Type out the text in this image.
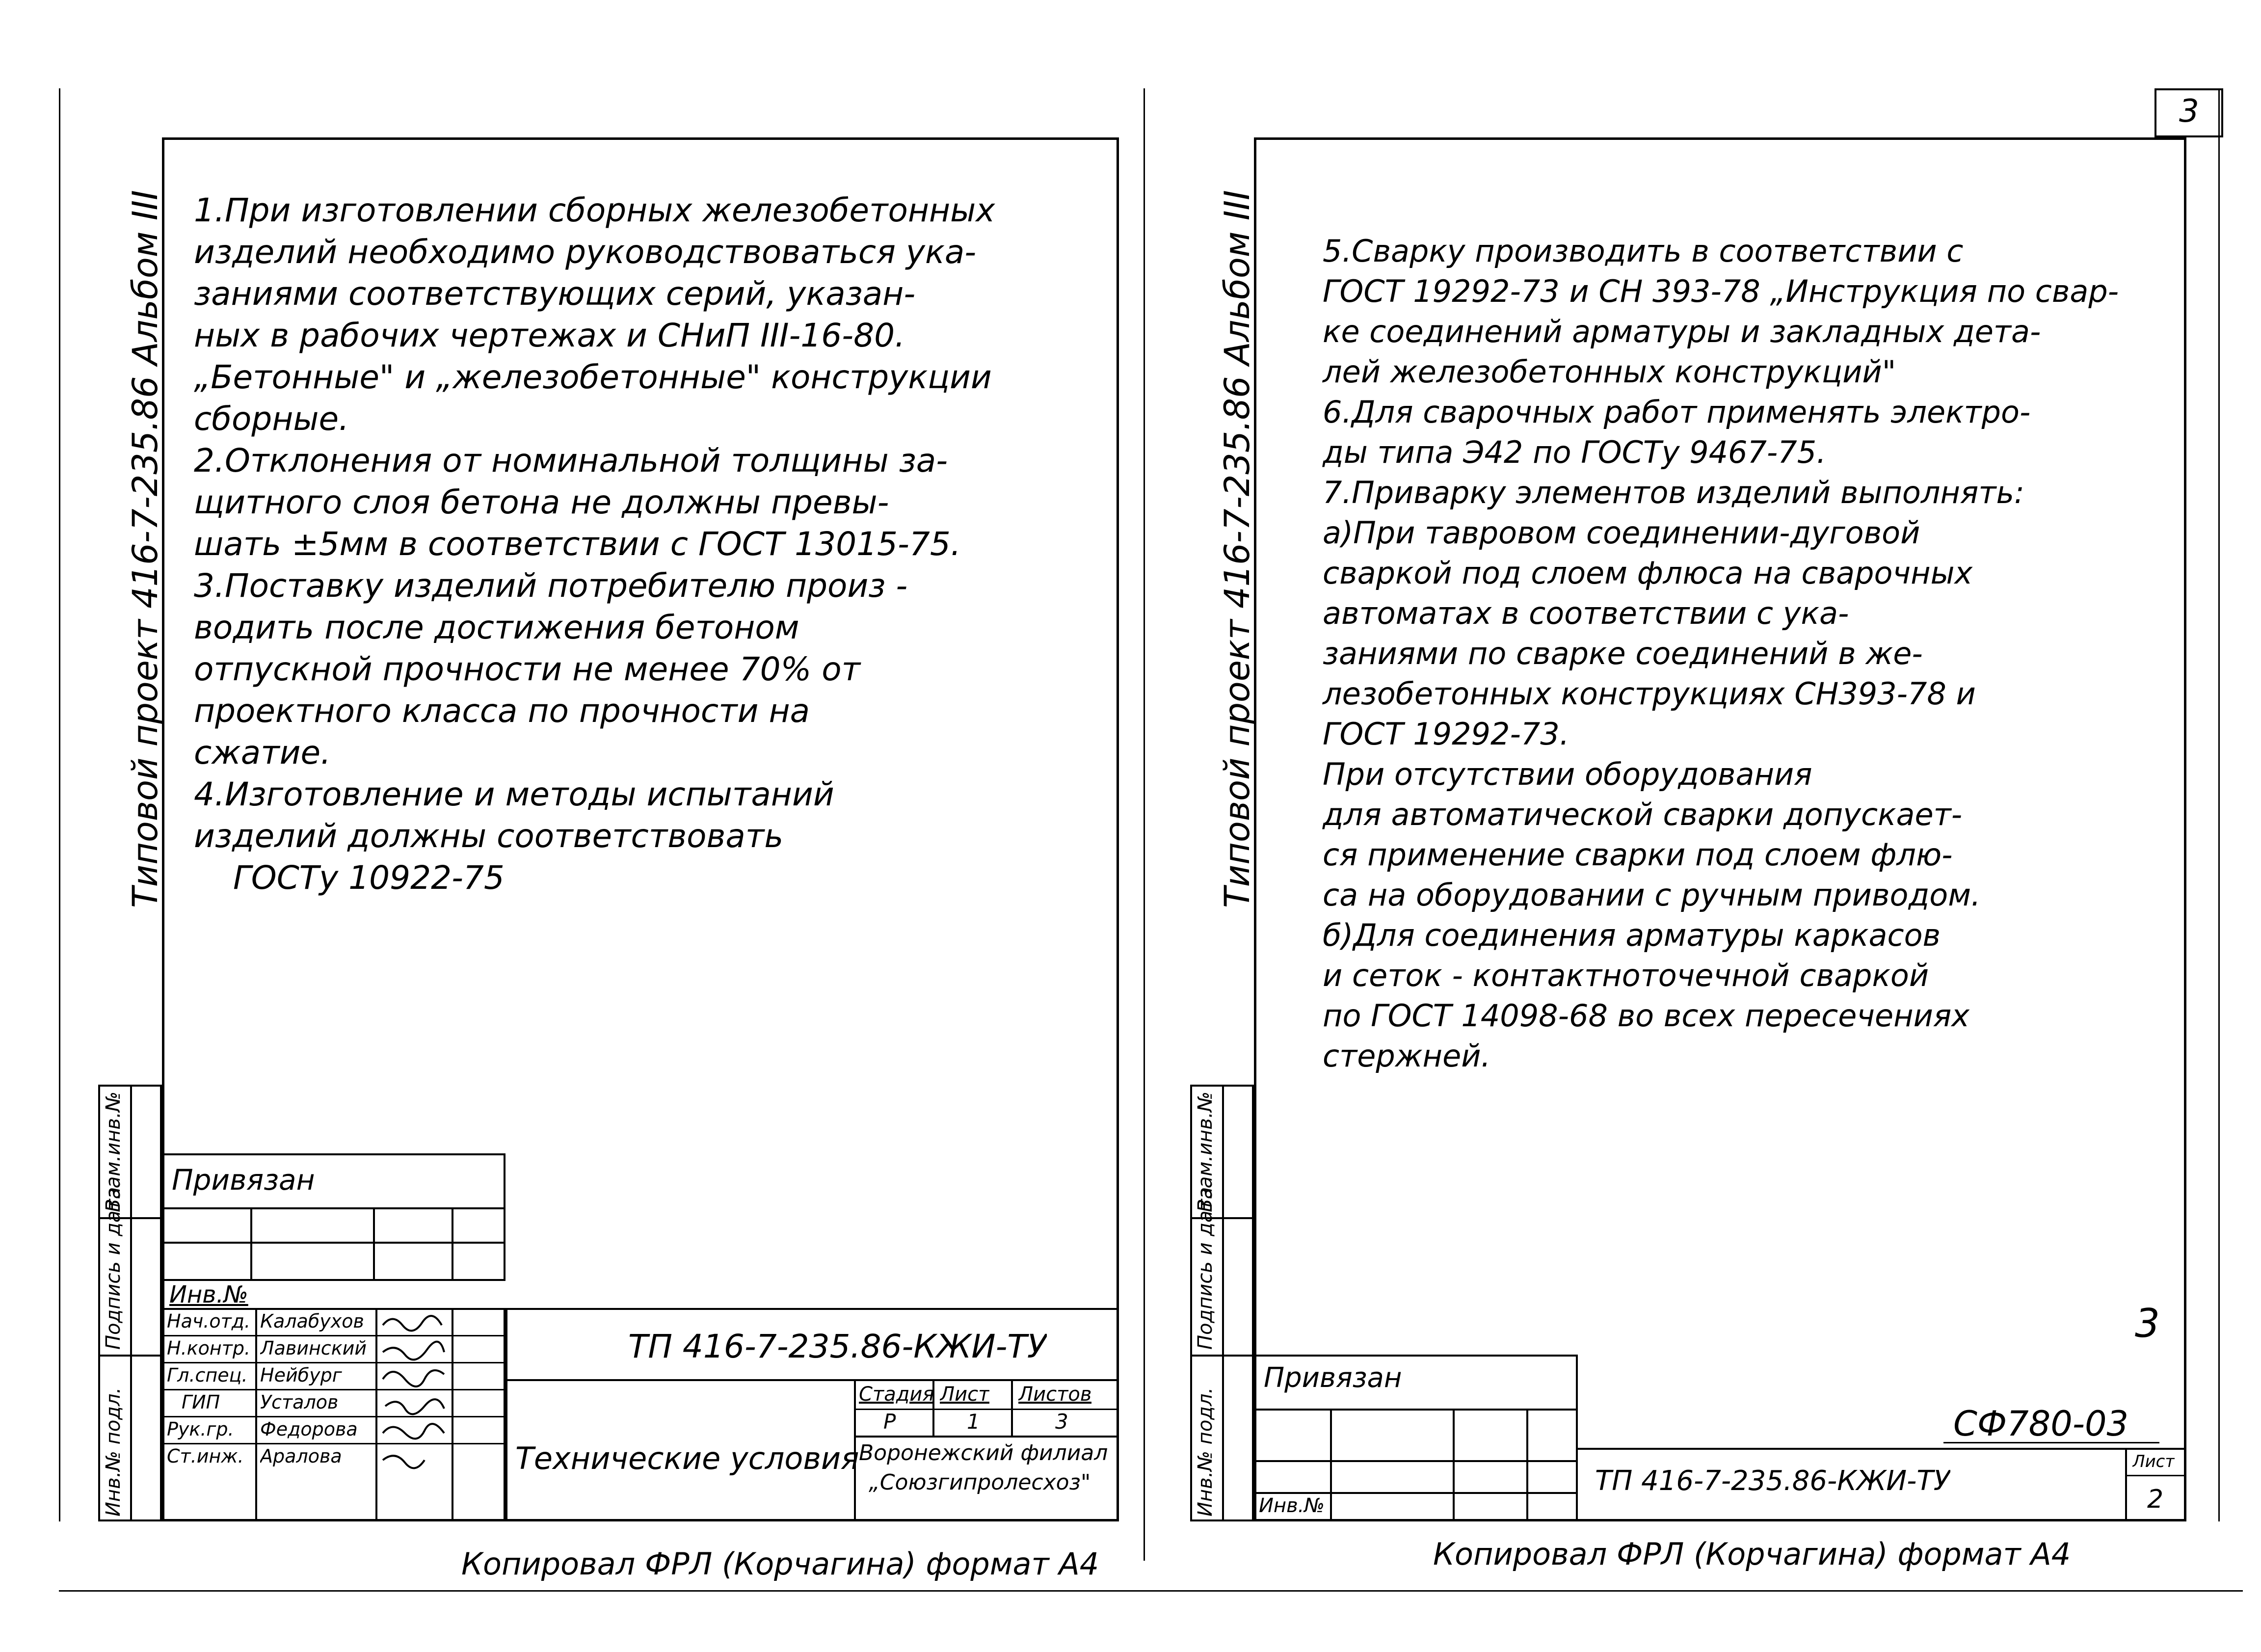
Типовой проект 416-7-235.86 Альбом III 1.При изготовлении сборных железобетонных
изделий необходимо руководствоваться ука-
заниями соответствующих серий, указан-
ных в рабочих чертежах и СНиП III-16-80.
„Бетонные" и „железобетонные" конструкции
сборные.
2.Отклонения от номинальной толщины за-
щитного слоя бетона не должны превы-
шать ±5мм в соответствии с ГОСТ 13015-75.
3.Поставку изделий потребителю произ -
водить после достижения бетоном
отпускной прочности не менее 70% от
проектного класса по прочности на
сжатие.
4.Изготовление и методы испытаний
изделий должны соответствовать
ГОСТу 10922-75
Инв.№ подл.
Подпись и дата
Взам.инв.№ Привязан
Инв.№
Нач.отд. Калабухов
Н.контр. Лавинский
Гл.спец. Нейбург
ГИП Усталов
Рук.гр. Федорова
Ст.инж. Аралова
ТП 416-7-235.86-КЖИ-ТУ
Технические условия
Стадия Лист Листов
Р	1	3
Воронежский филиал
„Союзгипролесхоз"
Копировал ФРЛ (Корчагина) формат А4
3
Типовой проект 416-7-235.86 Альбом III 5.Сварку производить в соответствии с
ГОСТ 19292-73 и СН 393-78 „Инструкция по свар-
ке соединений арматуры и закладных дета-
лей железобетонных конструкций"
6.Для сварочных работ применять электро-
ды типа Э42 по ГОСТу 9467-75.
7.Приварку элементов изделий выполнять:
а)При тавровом соединении-дуговой
сваркой под слоем флюса на сварочных
автоматах в соответствии с ука-
заниями по сварке соединений в же-
лезобетонных конструкциях СН393-78 и
ГОСТ 19292-73.
При отсутствии оборудования
для автоматической сварки допускает-
ся применение сварки под слоем флю-
са на оборудовании с ручным приводом.
б)Для соединения арматуры каркасов
и сеток - контактноточечной сваркой
по ГОСТ 14098-68 во всех пересечениях
стержней.
Инв.№ подл.
Подпись и дата
Взам.инв.№
3
Привязан
Инв.№
СФ780-03
ТП 416-7-235.86-КЖИ-ТУ
Лист
2
Копировал ФРЛ (Корчагина) формат А4
